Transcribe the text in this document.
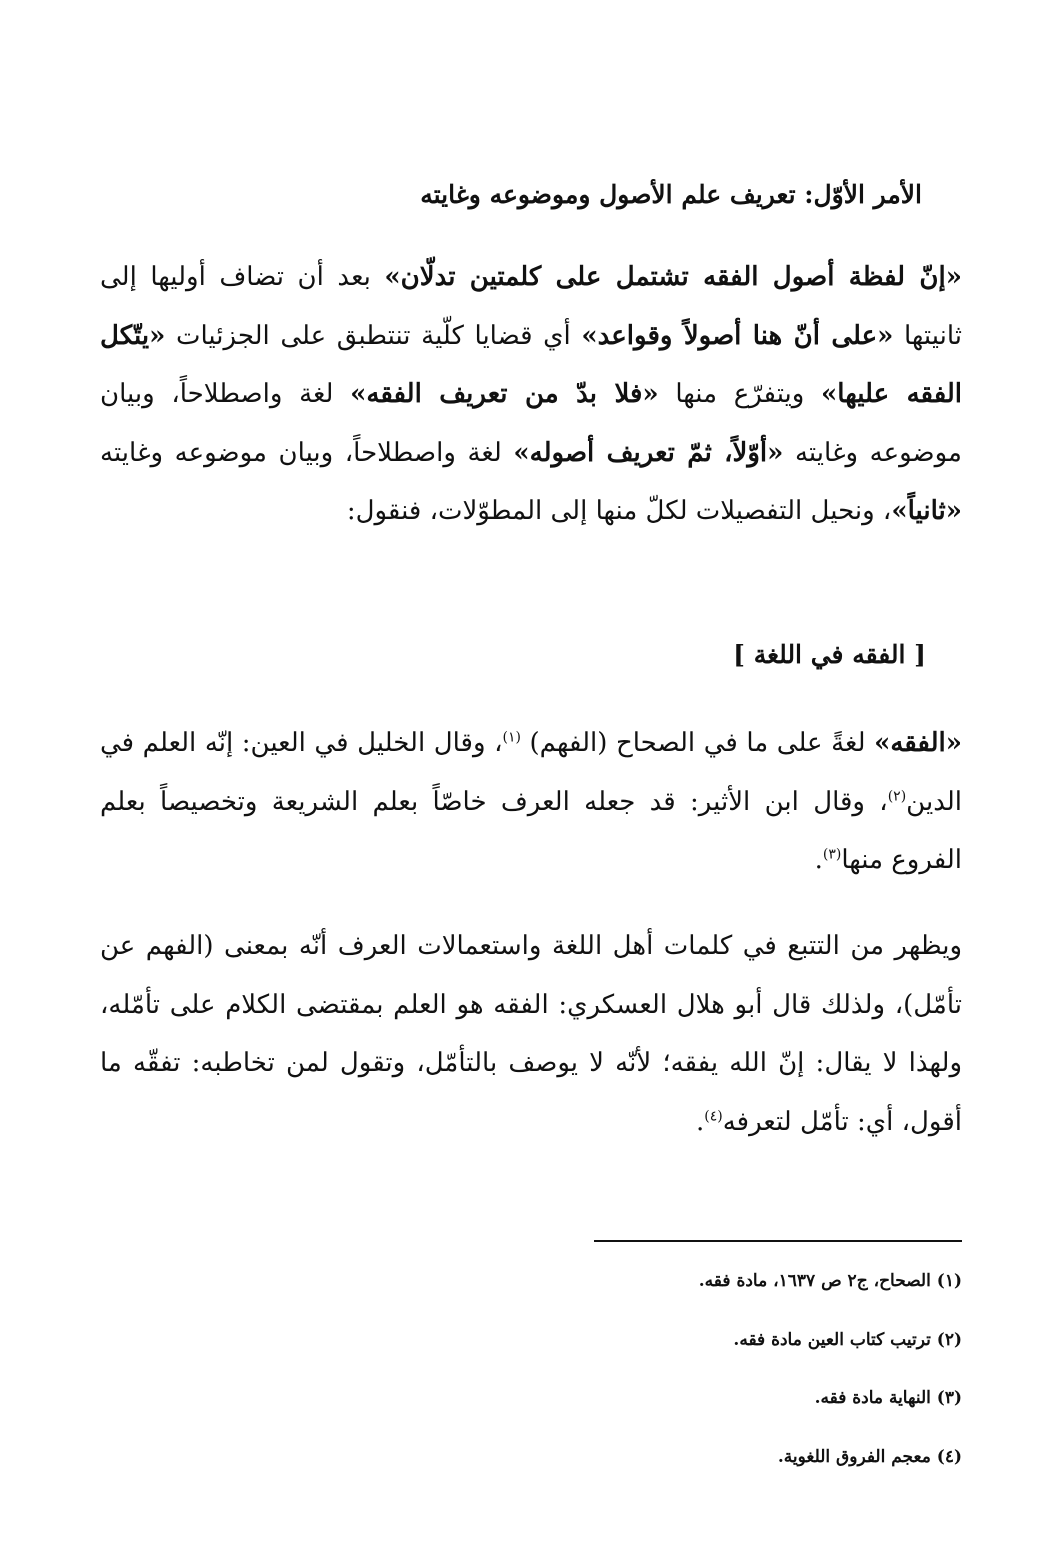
الأمر الأوّل: تعريف علم الأصول وموضوعه وغايته

«إنّ لفظة أصول الفقه تشتمل على كلمتين تدلّان» بعد أن تضاف أوليها إلى ثانيتها «على أنّ هنا أصولاً وقواعد» أي قضايا كلّية تنتطبق على الجزئيات «يتّكل الفقه عليها» ويتفرّع منها «فلا بدّ من تعريف الفقه» لغة واصطلاحاً، وبيان موضوعه وغايته «أوّلاً، ثمّ تعريف أصوله» لغة واصطلاحاً، وبيان موضوعه وغايته «ثانياً»، ونحيل التفصيلات لكلّ منها إلى المطوّلات، فنقول:

[ الفقه في اللغة ]

«الفقه» لغةً على ما في الصحاح (الفهم) $^{(١)}$، وقال الخليل في العين: إنّه العلم في الدين$^{(٢)}$، وقال ابن الأثير: قد جعله العرف خاصّاً بعلم الشريعة وتخصيصاً بعلم الفروع منها$^{(٣)}$.

ويظهر من التتبع في كلمات أهل اللغة واستعمالات العرف أنّه بمعنى (الفهم عن تأمّل)، ولذلك قال أبو هلال العسكري: الفقه هو العلم بمقتضى الكلام على تأمّله، ولهذا لا يقال: إنّ الله يفقه؛ لأنّه لا يوصف بالتأمّل، وتقول لمن تخاطبه: تفقّه ما أقول، أي: تأمّل لتعرفه$^{(٤)}$.

(١) الصحاح، ج٢ ص ١٦٣٧، مادة فقه.
(٢) ترتيب كتاب العين مادة فقه.
(٣) النهاية مادة فقه.
(٤) معجم الفروق اللغوية.
